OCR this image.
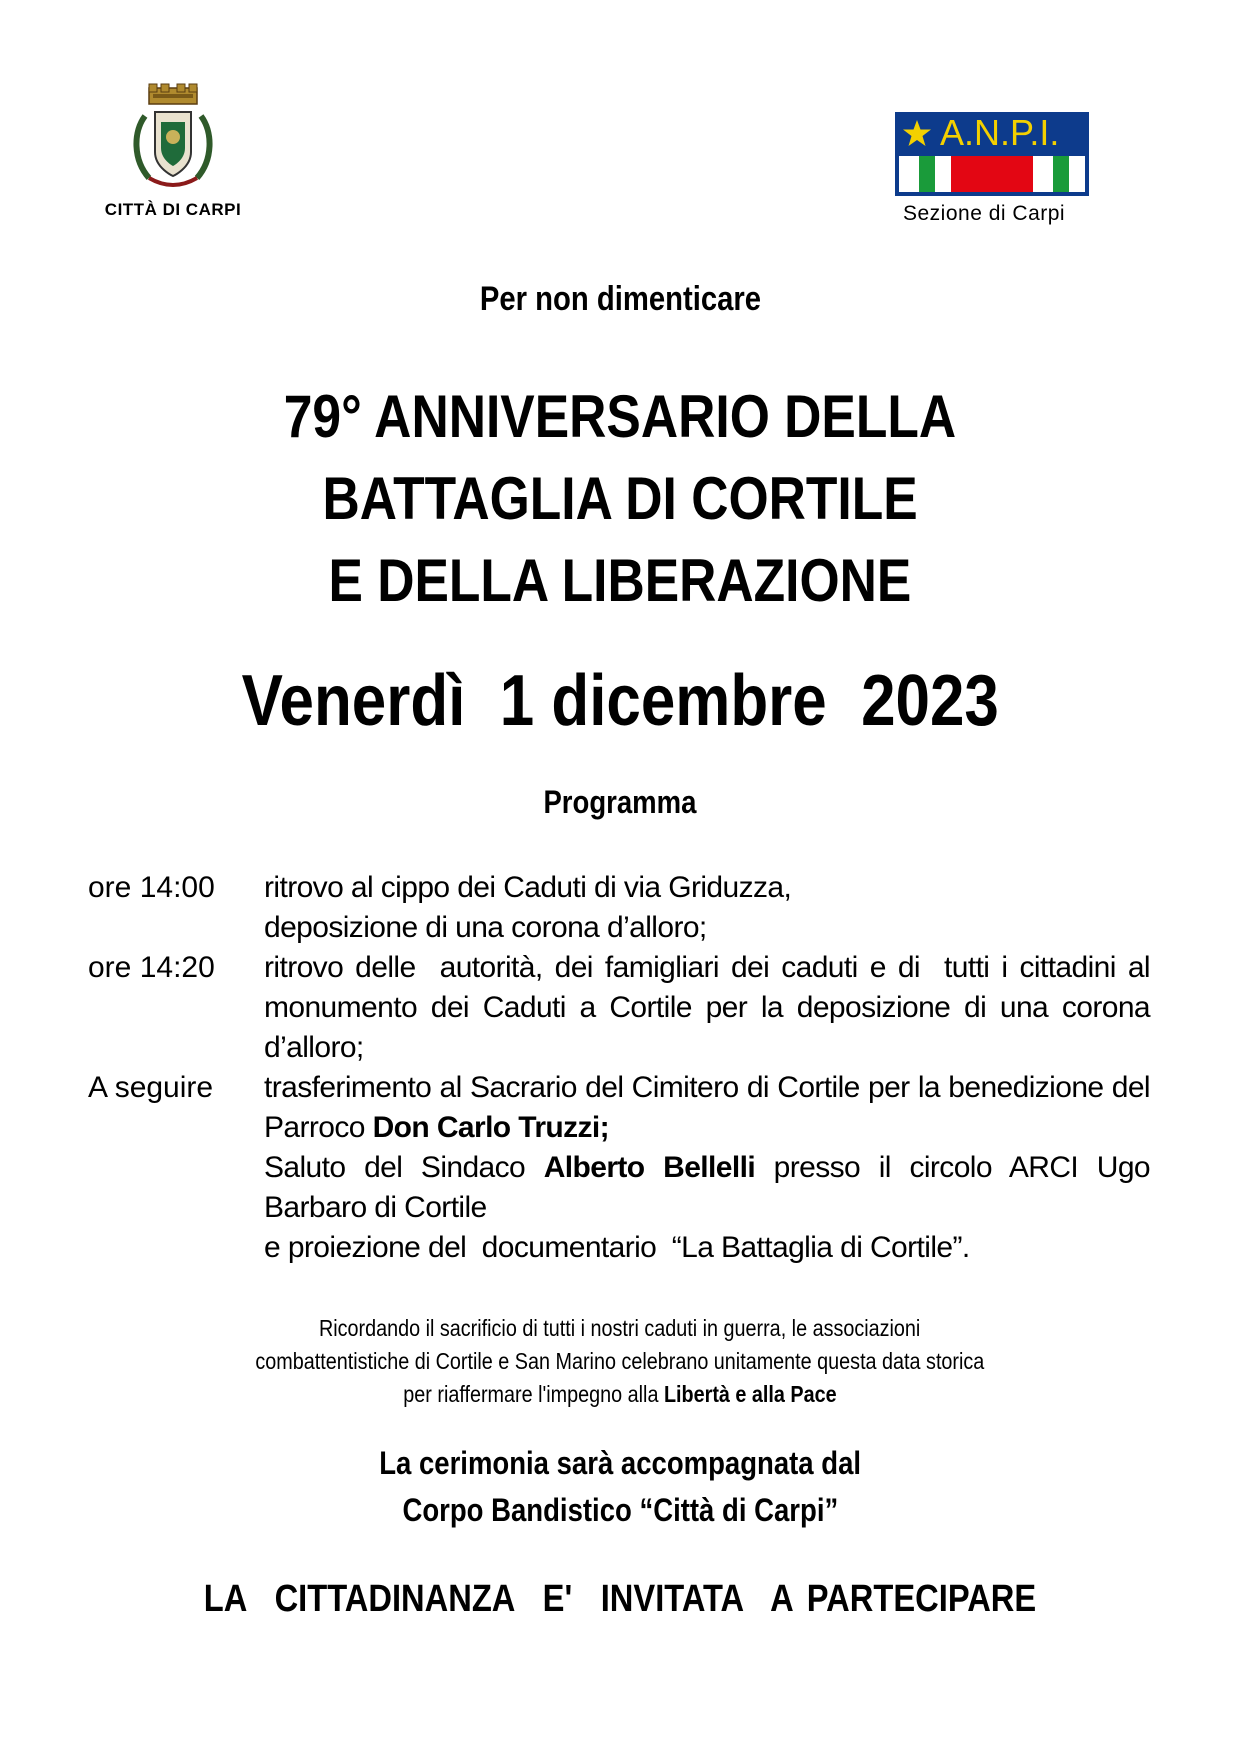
CITTÀ DI CARPI
A.N.P.I.
Sezione di Carpi
Per non dimenticare
79° ANNIVERSARIO DELLA
BATTAGLIA DI CORTILE
E DELLA LIBERAZIONE
Venerdì  1 dicembre  2023
Programma
ore 14:00	ritrovo al cippo dei Caduti di via Griduzza,

deposizione di una corona d’alloro;

ore 14:20	ritrovo delle  autorità, dei famigliari dei caduti e di  tutti i cittadini al monumento dei Caduti a Cortile per la deposizione di una corona d’alloro;

A seguire	trasferimento al Sacrario del Cimitero di Cortile per la benedizione del Parroco Don Carlo Truzzi;

Saluto del Sindaco Alberto Bellelli presso il circolo ARCI Ugo Barbaro di Cortile

e proiezione del  documentario  “La Battaglia di Cortile”.

Ricordando il sacrificio di tutti i nostri caduti in guerra, le associazioni
combattentistiche di Cortile e San Marino celebrano unitamente questa data storica
per riaffermare l'impegno alla Libertà e alla Pace
La cerimonia sarà accompagnata dal
Corpo Bandistico “Città di Carpi”
LA  CITTADINANZA  E'  INVITATA  A PARTECIPARE
